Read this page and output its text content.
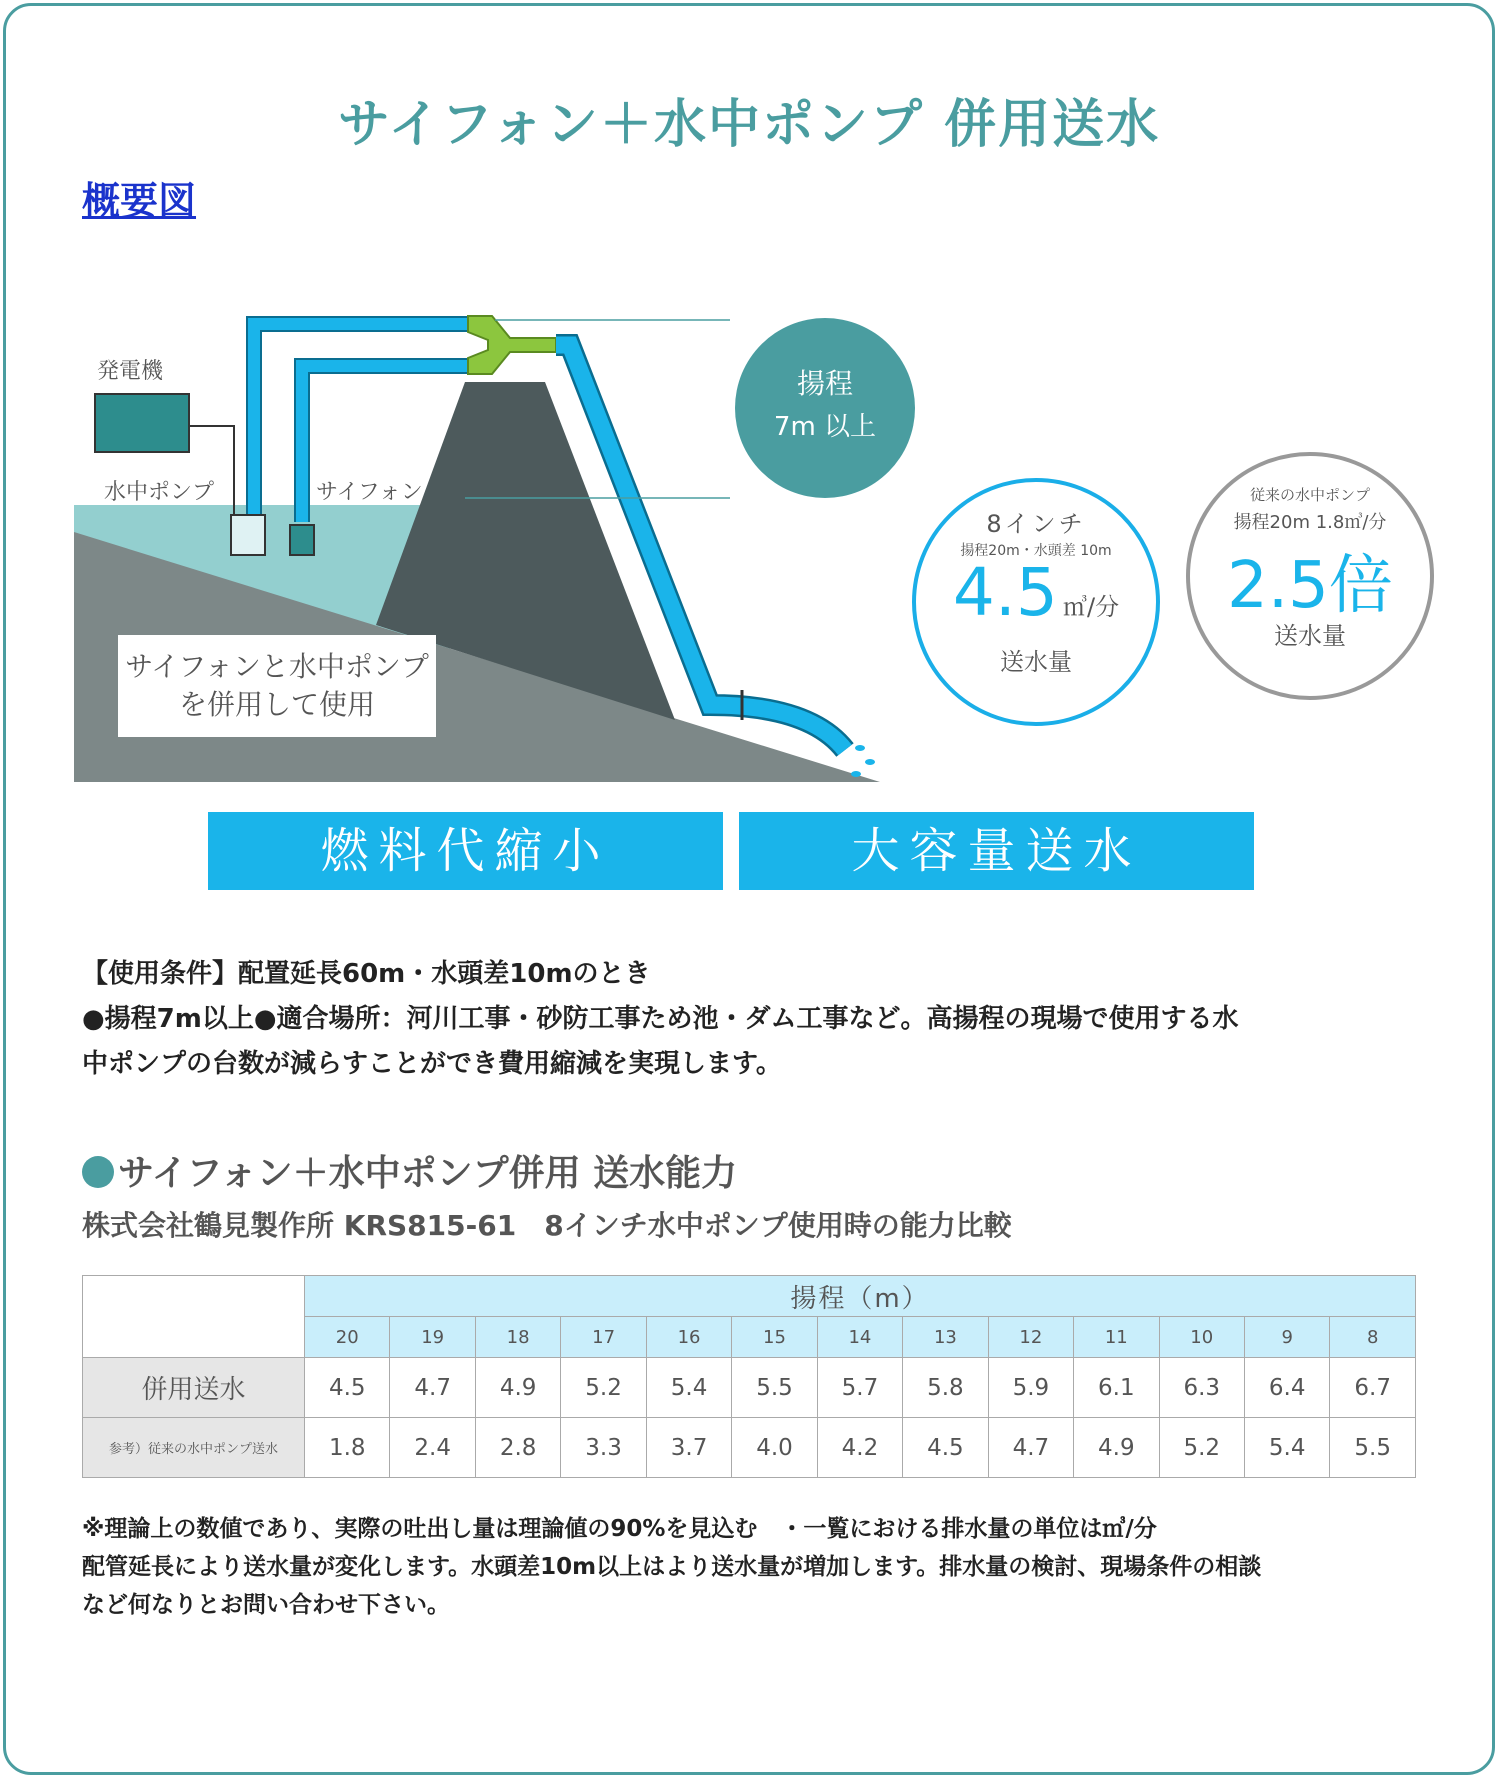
サイフォン＋水中ポンプ 併用送水
概要図
発電機
水中ポンプ	サイフォン
サイフォンと水中ポンプ
を併用して使用
揚程
7m 以上
8インチ
揚程20m・水頭差 10m
4.5 ㎥/分
送水量
従来の水中ポンプ
揚程20m 1.8㎥/分
2.5倍
送水量
燃料代縮小	大容量送水
【使用条件】配置延長60m・水頭差10mのとき
●揚程7m以上●適合場所：河川工事・砂防工事ため池・ダム工事など。高揚程の現場で使用する水
中ポンプの台数が減らすことができ費用縮減を実現します。
サイフォン＋水中ポンプ併用 送水能力
株式会社鶴見製作所 KRS815-61　8インチ水中ポンプ使用時の能力比較
	揚程（m）												
	20	19	18	17	16	15	14	13	12	11	10	9	8
併用送水	4.5	4.7	4.9	5.2	5.4	5.5	5.7	5.8	5.9	6.1	6.3	6.4	6.7
参考）従来の水中ポンプ送水	1.8	2.4	2.8	3.3	3.7	4.0	4.2	4.5	4.7	4.9	5.2	5.4	5.5
※理論上の数値であり、実際の吐出し量は理論値の90%を見込む　・一覧における排水量の単位は㎥/分
配管延長により送水量が変化します。水頭差10m以上はより送水量が増加します。排水量の検討、現場条件の相談
など何なりとお問い合わせ下さい。
